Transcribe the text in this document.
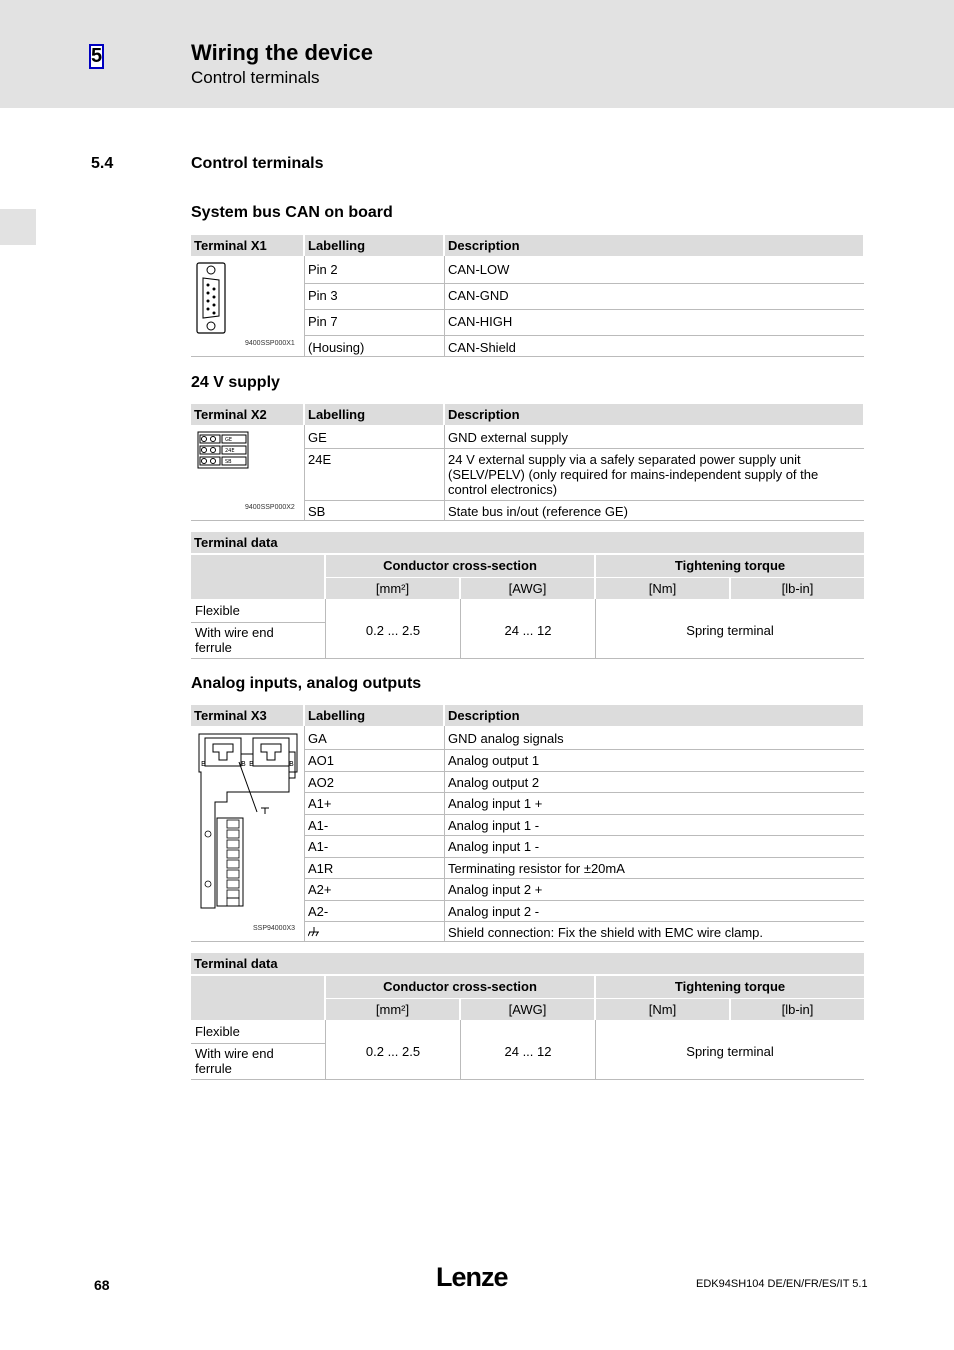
5	Wiring the device
Control terminals
5.4	Control terminals
System bus CAN on board
Terminal X1	Labelling	Description
9400SSP000X1
Pin 2	CAN-LOW
Pin 3	CAN-GND
Pin 7	CAN-HIGH
(Housing)	CAN-Shield
24 V supply
Terminal X2	Labelling	Description
GE
24E
SB
9400SSP000X2
GE	GND external supply
24E	24 V external supply via a safely separated power supply unit (SELV/PELV) (only required for mains-independent supply of the control electronics)
SB	State bus in/out (reference GE)
Terminal data
Conductor cross-section	Tightening torque
[mm²]	[AWG]	[Nm]	[lb-in]
Flexible
With wire end ferrule
0.2 ... 2.5	24 ... 12	Spring terminal
Analog inputs, analog outputs
Terminal X3	Labelling	Description
B	B B	B
SSP94000X3
GA	GND analog signals
AO1	Analog output 1
AO2	Analog output 2
A1+	Analog input 1 +
A1-	Analog input 1 -
A1-	Analog input 1 -
A1R	Terminating resistor for ±20mA
A2+	Analog input 2 +
A2-	Analog input 2 -
Shield connection: Fix the shield with EMC wire clamp.
Terminal data
Conductor cross-section	Tightening torque
[mm²]	[AWG]	[Nm]	[lb-in]
Flexible
With wire end ferrule
0.2 ... 2.5	24 ... 12	Spring terminal
68	Lenze	EDK94SH104 DE/EN/FR/ES/IT 5.1
